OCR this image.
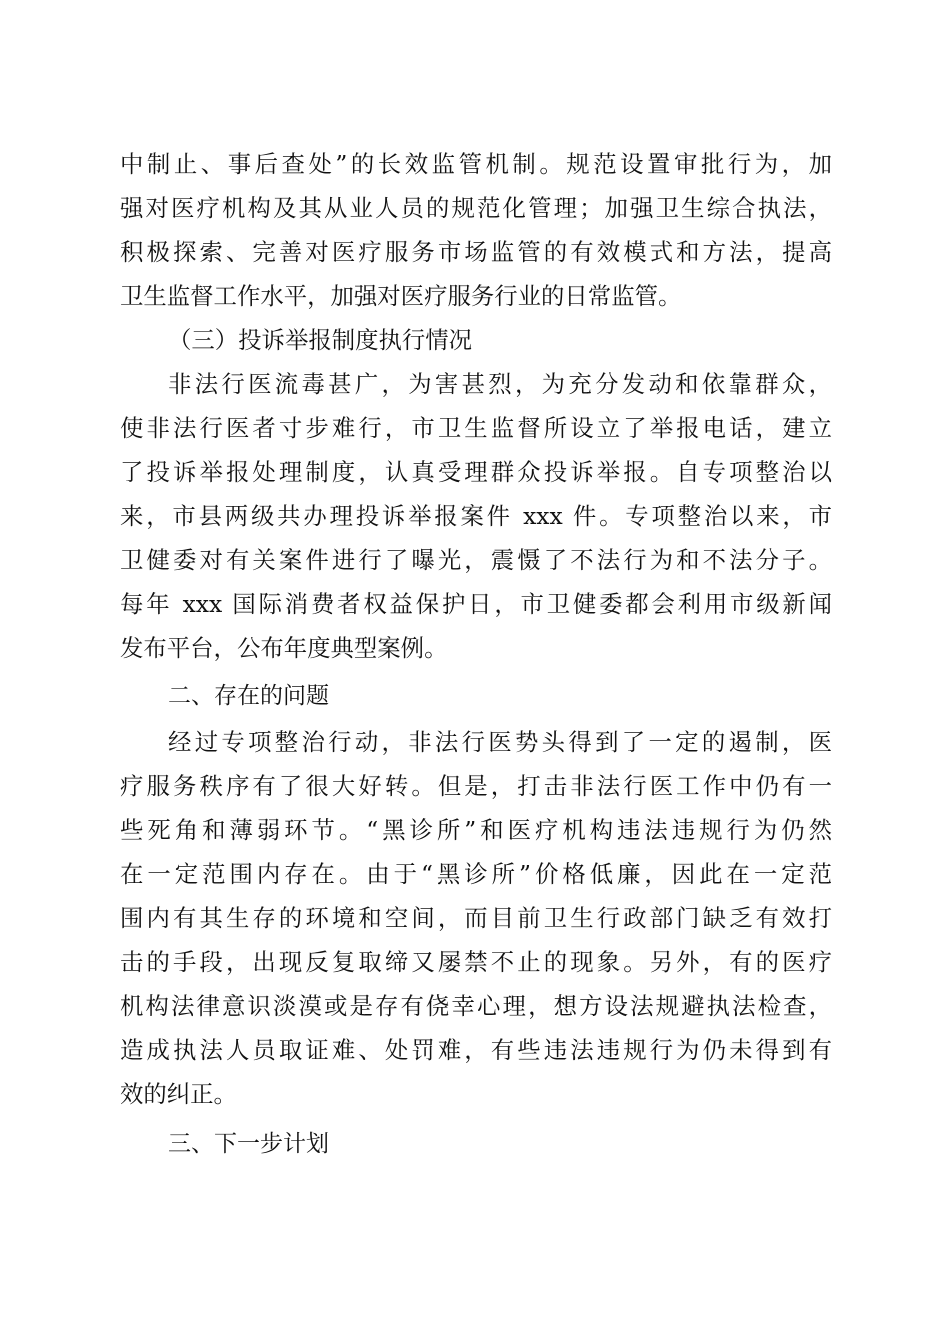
中制止、事后查处”的长效监管机制。规范设置审批行为，加
强对医疗机构及其从业人员的规范化管理；加强卫生综合执法，
积极探索、完善对医疗服务市场监管的有效模式和方法，提高
卫生监督工作水平，加强对医疗服务行业的日常监管。
（三）投诉举报制度执行情况
非法行医流毒甚广，为害甚烈，为充分发动和依靠群众，
使非法行医者寸步难行，市卫生监督所设立了举报电话，建立
了投诉举报处理制度，认真受理群众投诉举报。自专项整治以
来，市县两级共办理投诉举报案件 xxx 件。专项整治以来，市
卫健委对有关案件进行了曝光，震慑了不法行为和不法分子。
每年 xxx 国际消费者权益保护日，市卫健委都会利用市级新闻
发布平台，公布年度典型案例。
二、存在的问题
经过专项整治行动，非法行医势头得到了一定的遏制，医
疗服务秩序有了很大好转。但是，打击非法行医工作中仍有一
些死角和薄弱环节。“黑诊所”和医疗机构违法违规行为仍然
在一定范围内存在。由于“黑诊所”价格低廉，因此在一定范
围内有其生存的环境和空间，而目前卫生行政部门缺乏有效打
击的手段，出现反复取缔又屡禁不止的现象。另外，有的医疗
机构法律意识淡漠或是存有侥幸心理，想方设法规避执法检查，
造成执法人员取证难、处罚难，有些违法违规行为仍未得到有
效的纠正。
三、下一步计划
